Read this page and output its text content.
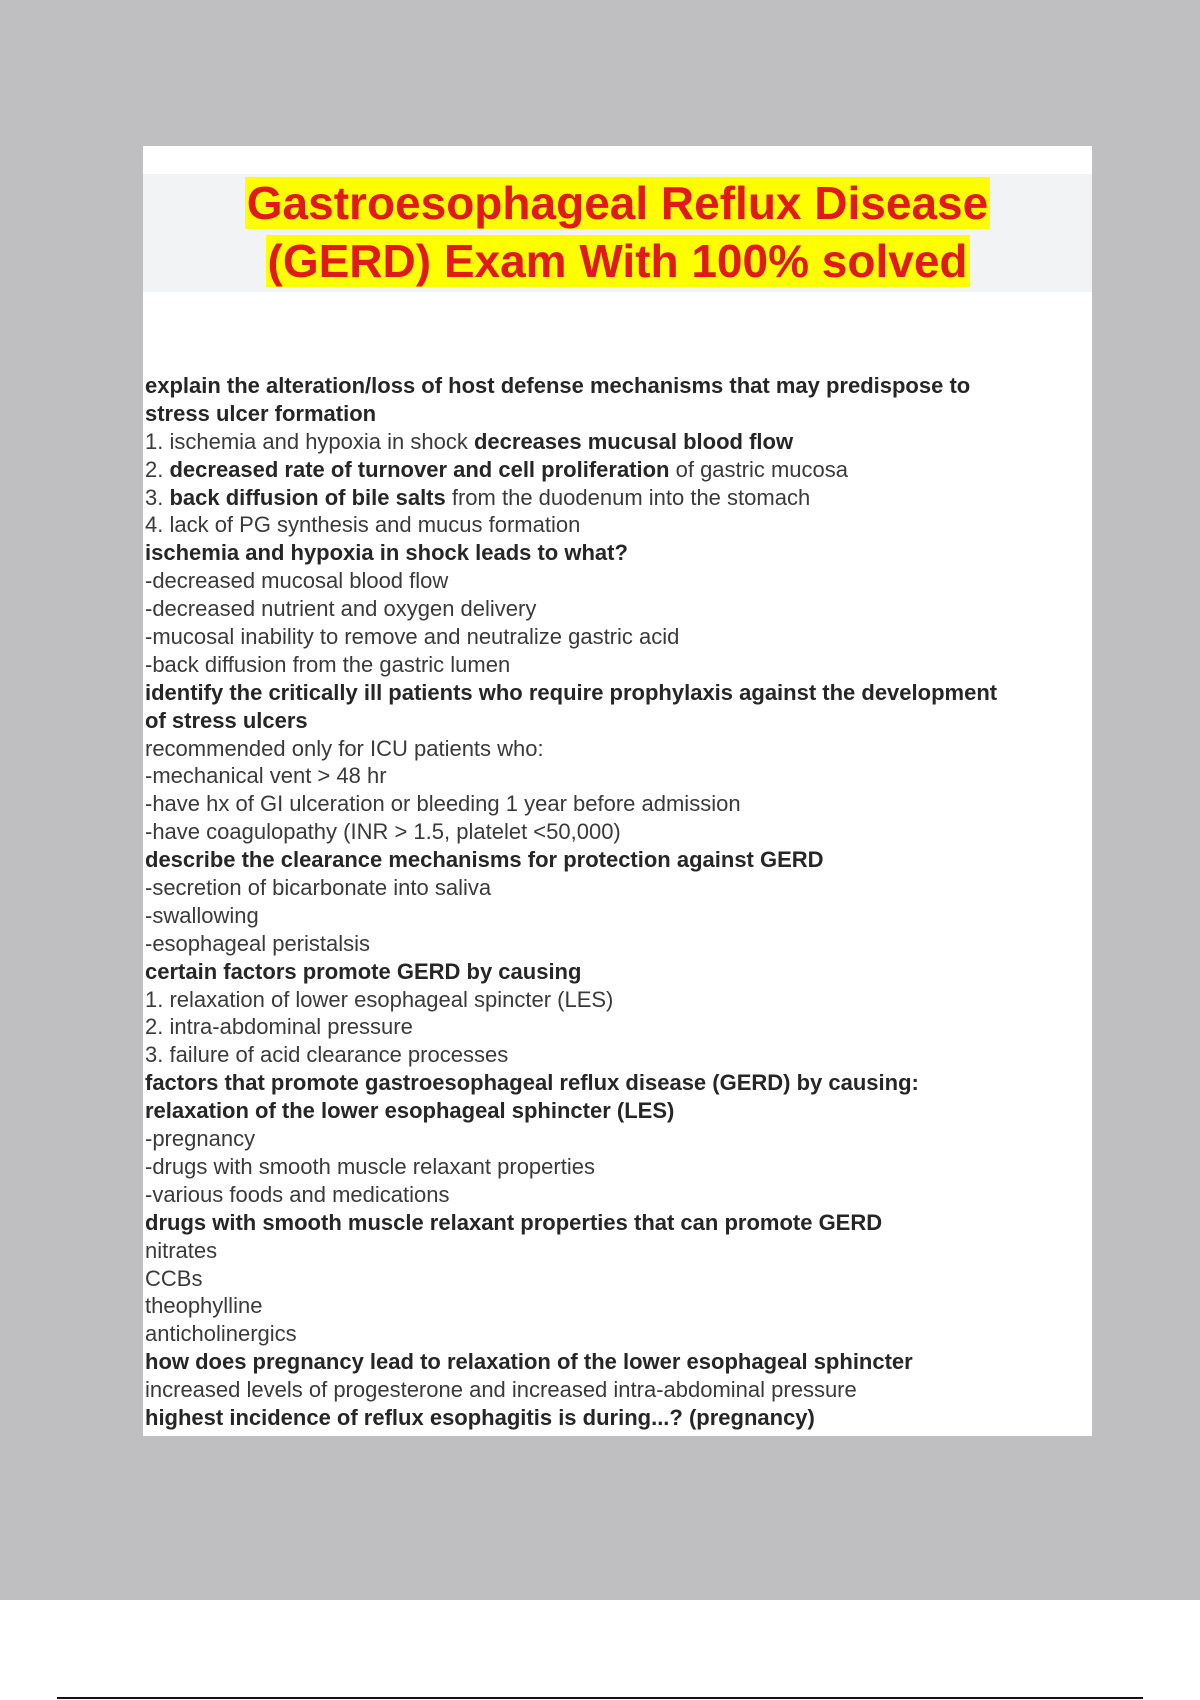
Gastroesophageal Reflux Disease
(GERD) Exam With 100% solved
explain the alteration/loss of host defense mechanisms that may predispose to
stress ulcer formation
1. ischemia and hypoxia in shock decreases mucusal blood flow
2. decreased rate of turnover and cell proliferation of gastric mucosa
3. back diffusion of bile salts from the duodenum into the stomach
4. lack of PG synthesis and mucus formation
ischemia and hypoxia in shock leads to what?
-decreased mucosal blood flow
-decreased nutrient and oxygen delivery
-mucosal inability to remove and neutralize gastric acid
-back diffusion from the gastric lumen
identify the critically ill patients who require prophylaxis against the development
of stress ulcers
recommended only for ICU patients who:
-mechanical vent > 48 hr
-have hx of GI ulceration or bleeding 1 year before admission
-have coagulopathy (INR > 1.5, platelet <50,000)
describe the clearance mechanisms for protection against GERD
-secretion of bicarbonate into saliva
-swallowing
-esophageal peristalsis
certain factors promote GERD by causing
1. relaxation of lower esophageal spincter (LES)
2. intra-abdominal pressure
3. failure of acid clearance processes
factors that promote gastroesophageal reflux disease (GERD) by causing:
relaxation of the lower esophageal sphincter (LES)
-pregnancy
-drugs with smooth muscle relaxant properties
-various foods and medications
drugs with smooth muscle relaxant properties that can promote GERD
nitrates
CCBs
theophylline
anticholinergics
how does pregnancy lead to relaxation of the lower esophageal sphincter
increased levels of progesterone and increased intra-abdominal pressure
highest incidence of reflux esophagitis is during...? (pregnancy)
